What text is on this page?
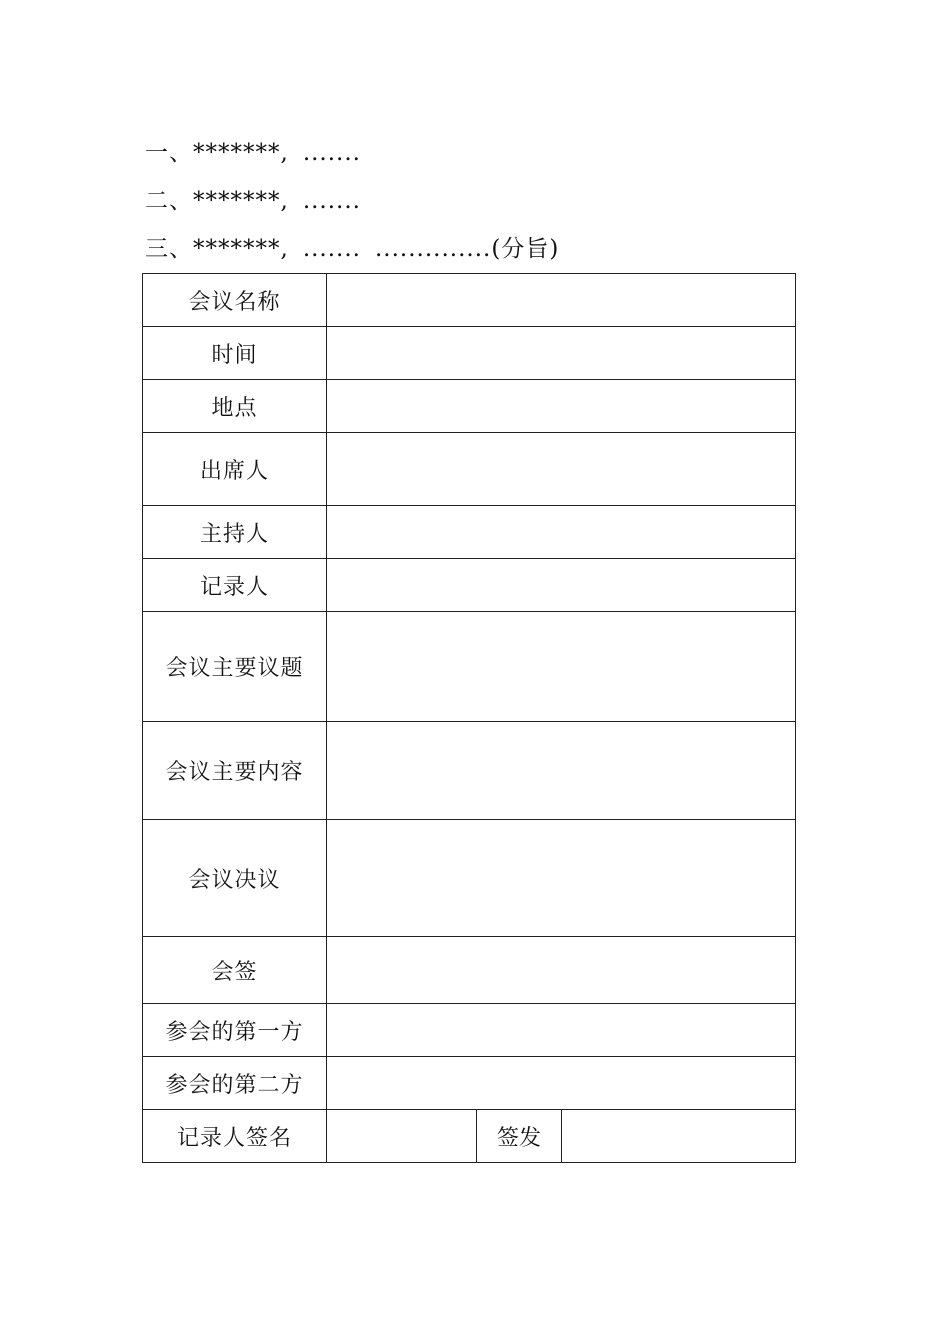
一、*******, .......
二、*******, .......
三、*******, ....... ..............(分旨)
会议名称			
时间			
地点			
出席人			
主持人			
记录人			
会议主要议题			
会议主要内容			
会议决议			
会签			
参会的第一方			
参会的第二方			
记录人签名		签发	
